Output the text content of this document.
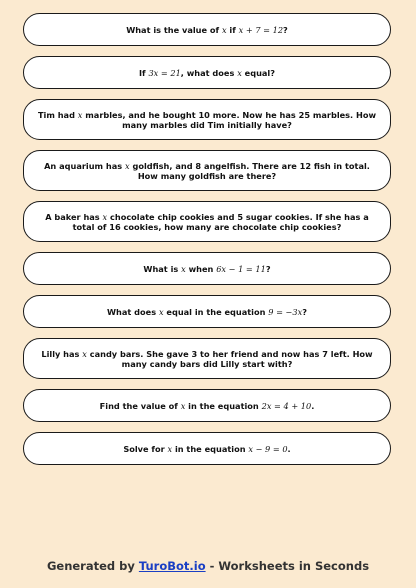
What is the value of x if x + 7 = 12?
If 3x = 21, what does x equal?
Tim had x marbles, and he bought 10 more. Now he has 25 marbles. How many marbles did Tim initially have?
An aquarium has x goldfish, and 8 angelfish. There are 12 fish in total. How many goldfish are there?
A baker has x chocolate chip cookies and 5 sugar cookies. If she has a total of 16 cookies, how many are chocolate chip cookies?
What is x when 6x − 1 = 11?
What does x equal in the equation 9 = −3x?
Lilly has x candy bars. She gave 3 to her friend and now has 7 left. How many candy bars did Lilly start with?
Find the value of x in the equation 2x = 4 + 10.
Solve for x in the equation x − 9 = 0.
Generated by TuroBot.io - Worksheets in Seconds
